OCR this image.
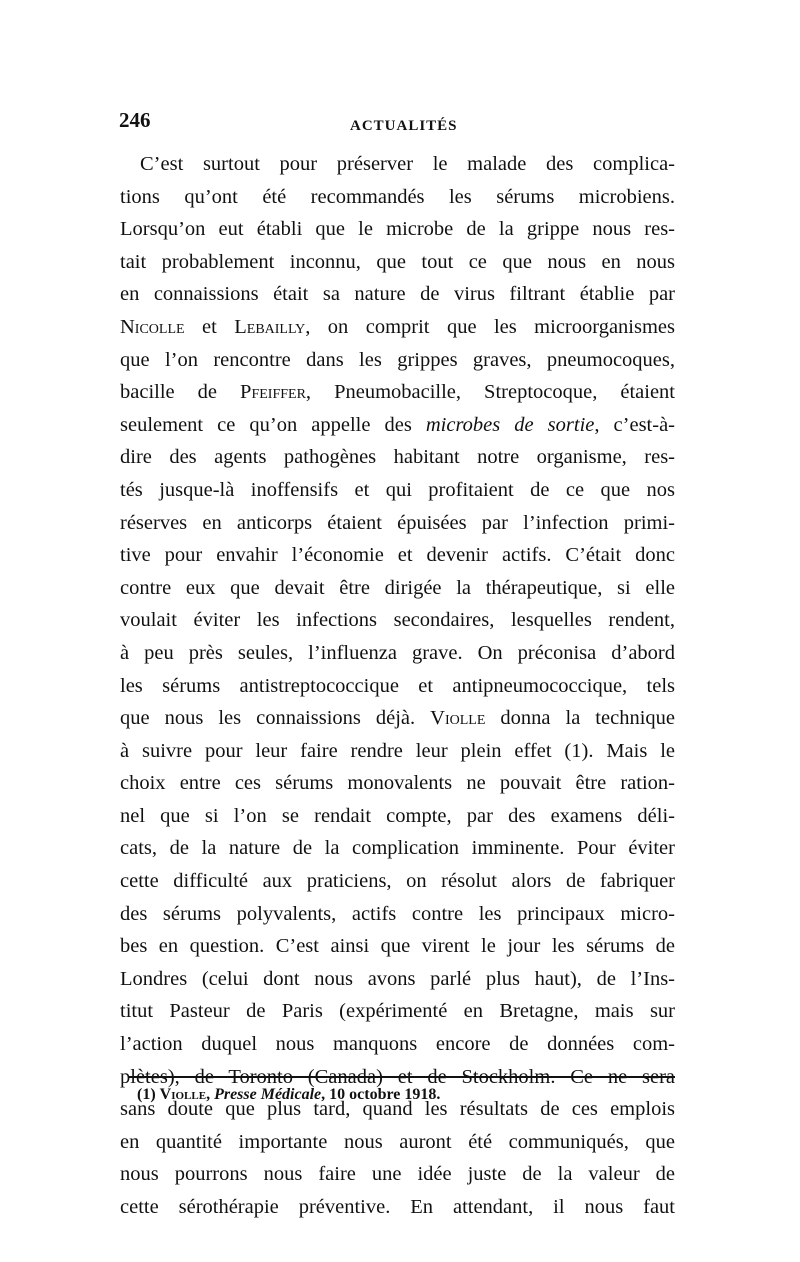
246	ACTUALITÉS

C’est surtout pour préserver le malade des complica-
tions qu’ont été recommandés les sérums microbiens.
Lorsqu’on eut établi que le microbe de la grippe nous res-
tait probablement inconnu, que tout ce que nous en nous
en connaissions était sa nature de virus filtrant établie par
Nicolle et Lebailly, on comprit que les microorganismes
que l’on rencontre dans les grippes graves, pneumocoques,
bacille de Pfeiffer, Pneumobacille, Streptocoque, étaient
seulement ce qu’on appelle des microbes de sortie, c’est-à-
dire des agents pathogènes habitant notre organisme, res-
tés jusque-là inoffensifs et qui profitaient de ce que nos
réserves en anticorps étaient épuisées par l’infection primi-
tive pour envahir l’économie et devenir actifs. C’était donc
contre eux que devait être dirigée la thérapeutique, si elle
voulait éviter les infections secondaires, lesquelles rendent,
à peu près seules, l’influenza grave. On préconisa d’abord
les sérums antistreptococcique et antipneumococcique, tels
que nous les connaissions déjà. Violle donna la technique
à suivre pour leur faire rendre leur plein effet (1). Mais le
choix entre ces sérums monovalents ne pouvait être ration-
nel que si l’on se rendait compte, par des examens déli-
cats, de la nature de la complication imminente. Pour éviter
cette difficulté aux praticiens, on résolut alors de fabriquer
des sérums polyvalents, actifs contre les principaux micro-
bes en question. C’est ainsi que virent le jour les sérums de
Londres (celui dont nous avons parlé plus haut), de l’Ins-
titut Pasteur de Paris (expérimenté en Bretagne, mais sur
l’action duquel nous manquons encore de données com-
plètes), de Toronto (Canada) et de Stockholm. Ce ne sera
sans doute que plus tard, quand les résultats de ces emplois
en quantité importante nous auront été communiqués, que
nous pourrons nous faire une idée juste de la valeur de
cette sérothérapie préventive. En attendant, il nous faut

(1) Violle, Presse Médicale, 10 octobre 1918.
